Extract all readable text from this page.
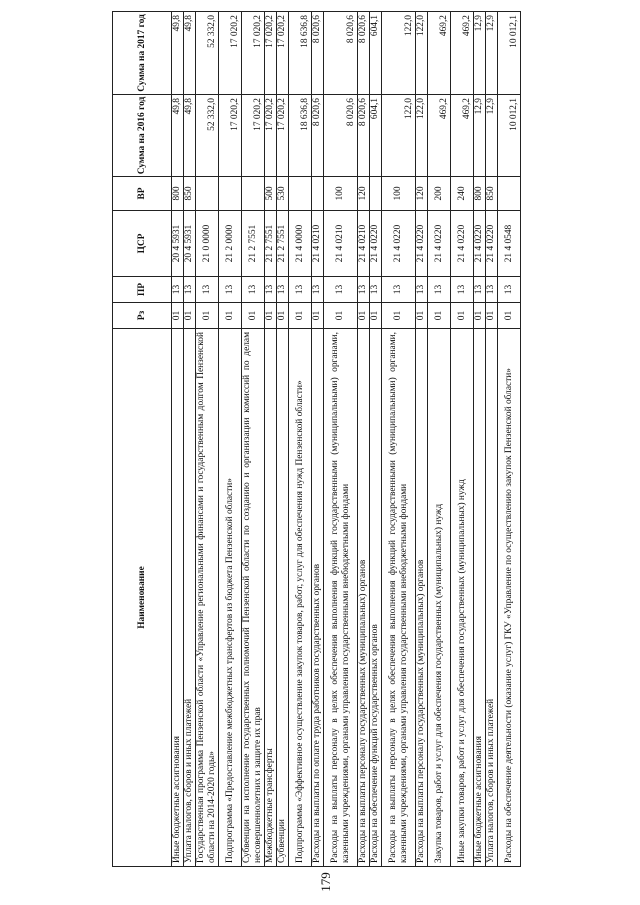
179
Наименование	Рз	ПР	ЦСР	ВР	Сумма на 2016 год	Сумма на 2017 год
Иные бюджетные ассигнования	01	13	20 4 5931	800	49,8	49,8
Уплата налогов, сборов и иных платежей	01	13	20 4 5931	850	49,8	49,8
Государственная программа Пензенской области «Управление региональными финансами и государственным долгом Пензенской области на 2014-2020 годы»	01	13	21 0 0000		52 332,0	52 332,0
Подпрограмма «Предоставление межбюджетных трансфертов из бюджета Пензенской области»	01	13	21 2 0000		17 020,2	17 020,2
Субвенции на исполнение государственных полномочий Пензенской области по созданию и организации комиссий по делам несовершеннолетних и защите их прав	01	13	21 2 7551		17 020,2	17 020,2
Межбюджетные трансферты	01	13	21 2 7551	500	17 020,2	17 020,2
Субвенции	01	13	21 2 7551	530	17 020,2	17 020,2
Подпрограмма «Эффективное осуществление закупок товаров, работ, услуг для обеспечения нужд Пензенской области»	01	13	21 4 0000		18 636,8	18 636,8
Расходы на выплаты по оплате труда работников государственных органов	01	13	21 4 0210		8 020,6	8 020,6
Расходы на выплаты персоналу в целях обеспечения выполнения функций государственными (муниципальными) органами, казенными учреждениями, органами управления государственными внебюджетными фондами	01	13	21 4 0210	100	8 020,6	8 020,6
Расходы на выплаты персоналу государственных (муниципальных) органов	01	13	21 4 0210	120	8 020,6	8 020,6
Расходы на обеспечение функций государственных органов	01	13	21 4 0220		604,1	604,1
Расходы на выплаты персоналу в целях обеспечения выполнения функций государственными (муниципальными) органами, казенными учреждениями, органами управления государственными внебюджетными фондами	01	13	21 4 0220	100	122,0	122,0
Расходы на выплаты персоналу государственных (муниципальных) органов	01	13	21 4 0220	120	122,0	122,0
Закупка товаров, работ и услуг для обеспечения государственных (муниципальных) нужд	01	13	21 4 0220	200	469,2	469,2
Иные закупки товаров, работ и услуг для обеспечения государственных (муниципальных) нужд	01	13	21 4 0220	240	469,2	469,2
Иные бюджетные ассигнования	01	13	21 4 0220	800	12,9	12,9
Уплата налогов, сборов и иных платежей	01	13	21 4 0220	850	12,9	12,9
Расходы на обеспечение деятельности (оказание услуг) ГКУ «Управление по осуществлению закупок Пензенской области»	01	13	21 4 0548		10 012,1	10 012,1
